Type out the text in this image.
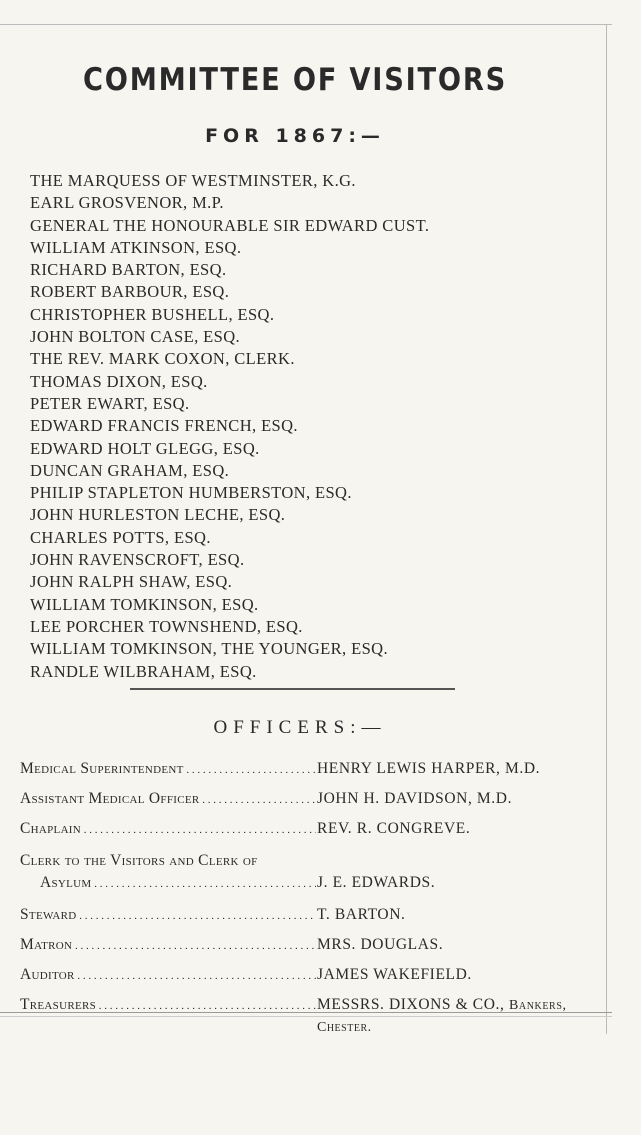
COMMITTEE OF VISITORS
FOR 1867:—
THE MARQUESS OF WESTMINSTER, K.G.
EARL GROSVENOR, M.P.
GENERAL THE HONOURABLE SIR EDWARD CUST.
WILLIAM ATKINSON, ESQ.
RICHARD BARTON, ESQ.
ROBERT BARBOUR, ESQ.
CHRISTOPHER BUSHELL, ESQ.
JOHN BOLTON CASE, ESQ.
THE REV. MARK COXON, CLERK.
THOMAS DIXON, ESQ.
PETER EWART, ESQ.
EDWARD FRANCIS FRENCH, ESQ.
EDWARD HOLT GLEGG, ESQ.
DUNCAN GRAHAM, ESQ.
PHILIP STAPLETON HUMBERSTON, ESQ.
JOHN HURLESTON LECHE, ESQ.
CHARLES POTTS, ESQ.
JOHN RAVENSCROFT, ESQ.
JOHN RALPH SHAW, ESQ.
WILLIAM TOMKINSON, ESQ.
LEE PORCHER TOWNSHEND, ESQ.
WILLIAM TOMKINSON, THE YOUNGER, ESQ.
RANDLE WILBRAHAM, ESQ.
OFFICERS:—
Medical Superintendent . . .	HENRY LEWIS HARPER, M.D.
Assistant Medical Officer . . .	JOHN H. DAVIDSON, M.D.
Chaplain . . .	REV. R. CONGREVE.
Clerk to the Visitors and Clerk of
Asylum . . .	J. E. EDWARDS.
Steward . . .	T. BARTON.
Matron . . .	MRS. DOUGLAS.
Auditor . . .	JAMES WAKEFIELD.
Treasurers . . .	MESSRS. DIXONS & CO., Bankers,
Chester.
